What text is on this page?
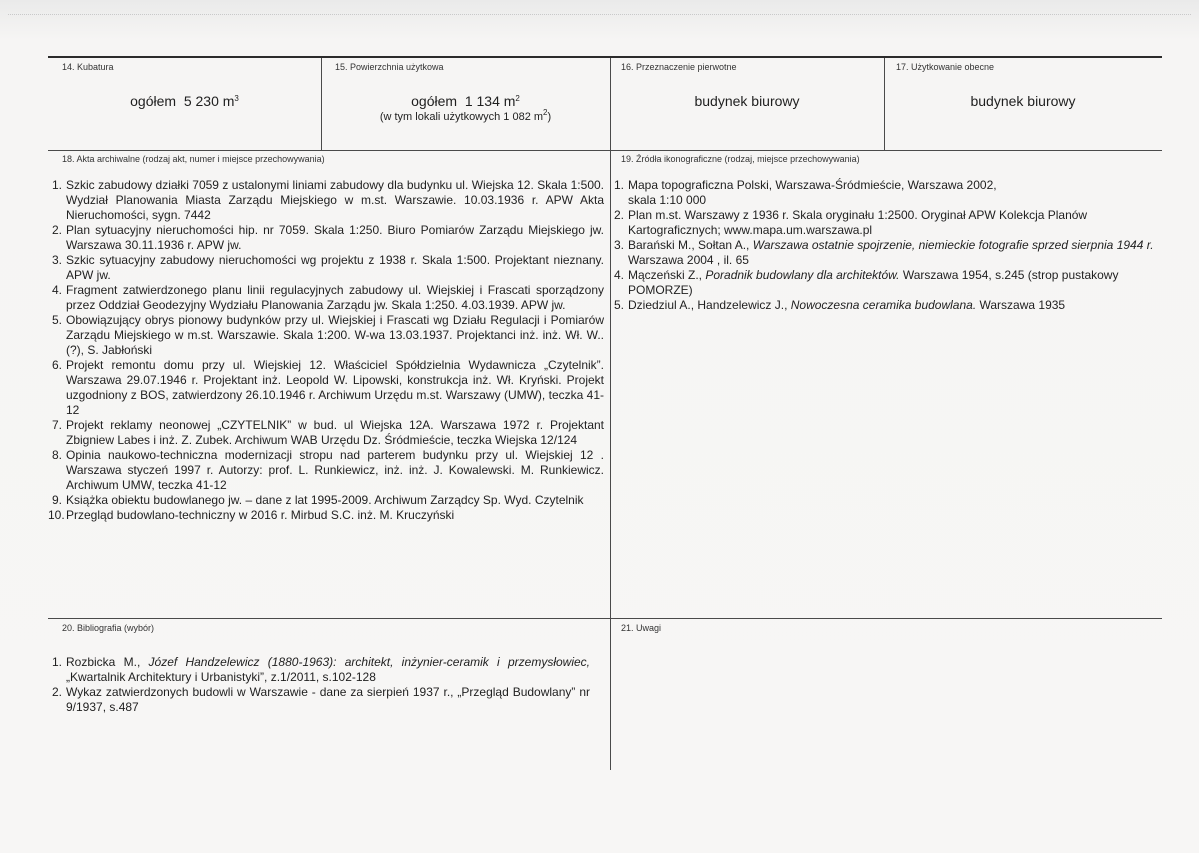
14. Kubatura
ogółem 5 230 $m^3$
15. Powierzchnia użytkowa
ogółem 1 134 $m^2$
(w tym lokali użytkowych 1 082 $m^2$)
16. Przeznaczenie pierwotne
budynek biurowy
17. Użytkowanie obecne
budynek biurowy
18. Akta archiwalne (rodzaj akt, numer i miejsce przechowywania)	19. Źródła ikonograficzne (rodzaj, miejsce przechowywania)
1. Szkic zabudowy działki 7059 z ustalonymi liniami zabudowy dla budynku ul. Wiejska 12. Skala 1:500. Wydział Planowania Miasta Zarządu Miejskiego w m.st. Warszawie. 10.03.1936 r. APW Akta Nieruchomości, sygn. 7442
2. Plan sytuacyjny nieruchomości hip. nr 7059. Skala 1:250. Biuro Pomiarów Zarządu Miejskiego jw. Warszawa 30.11.1936 r. APW jw.
3. Szkic sytuacyjny zabudowy nieruchomości wg projektu z 1938 r. Skala 1:500. Projektant nieznany. APW jw.
4. Fragment zatwierdzonego planu linii regulacyjnych zabudowy ul. Wiejskiej i Frascati sporządzony przez Oddział Geodezyjny Wydziału Planowania Zarządu jw. Skala 1:250. 4.03.1939. APW jw.
5. Obowiązujący obrys pionowy budynków przy ul. Wiejskiej i Frascati wg Działu Regulacji i Pomiarów Zarządu Miejskiego w m.st. Warszawie. Skala 1:200. W-wa 13.03.1937. Projektanci inż. inż. Wł. W..(?), S. Jabłoński
6. Projekt remontu domu przy ul. Wiejskiej 12. Właściciel Spółdzielnia Wydawnicza „Czytelnik”. Warszawa 29.07.1946 r. Projektant inż. Leopold W. Lipowski, konstrukcja inż. Wł. Kryński. Projekt uzgodniony z BOS, zatwierdzony 26.10.1946 r. Archiwum Urzędu m.st. Warszawy (UMW), teczka 41-12
7. Projekt reklamy neonowej „CZYTELNIK” w bud. ul Wiejska 12A. Warszawa 1972 r. Projektant Zbigniew Labes i inż. Z. Zubek. Archiwum WAB Urzędu Dz. Śródmieście, teczka Wiejska 12/124
8. Opinia naukowo-techniczna modernizacji stropu nad parterem budynku przy ul. Wiejskiej 12 . Warszawa styczeń 1997 r. Autorzy: prof. L. Runkiewicz, inż. inż. J. Kowalewski. M. Runkiewicz. Archiwum UMW, teczka 41-12
9. Książka obiektu budowlanego jw. – dane z lat 1995-2009. Archiwum Zarządcy Sp. Wyd. Czytelnik
10. Przegląd budowlano-techniczny w 2016 r. Mirbud S.C. inż. M. Kruczyński
1. Mapa topograficzna Polski, Warszawa-Śródmieście, Warszawa 2002,
skala 1:10 000
2. Plan m.st. Warszawy z 1936 r. Skala oryginału 1:2500. Oryginał APW Kolekcja Planów Kartograficznych; www.mapa.um.warszawa.pl
3. Barański M., Sołtan A., Warszawa ostatnie spojrzenie, niemieckie fotografie sprzed sierpnia 1944 r. Warszawa 2004 , il. 65
4. Mączeński Z., Poradnik budowlany dla architektów. Warszawa 1954, s.245 (strop pustakowy POMORZE)
5. Dziedziul A., Handzelewicz J., Nowoczesna ceramika budowlana. Warszawa 1935
20. Bibliografia (wybór)	21. Uwagi
1. Rozbicka M., Józef Handzelewicz (1880-1963): architekt, inżynier-ceramik i przemysłowiec, „Kwartalnik Architektury i Urbanistyki”, z.1/2011, s.102-128
2. Wykaz zatwierdzonych budowli w Warszawie - dane za sierpień 1937 r., „Przegląd Budowlany” nr 9/1937, s.487
